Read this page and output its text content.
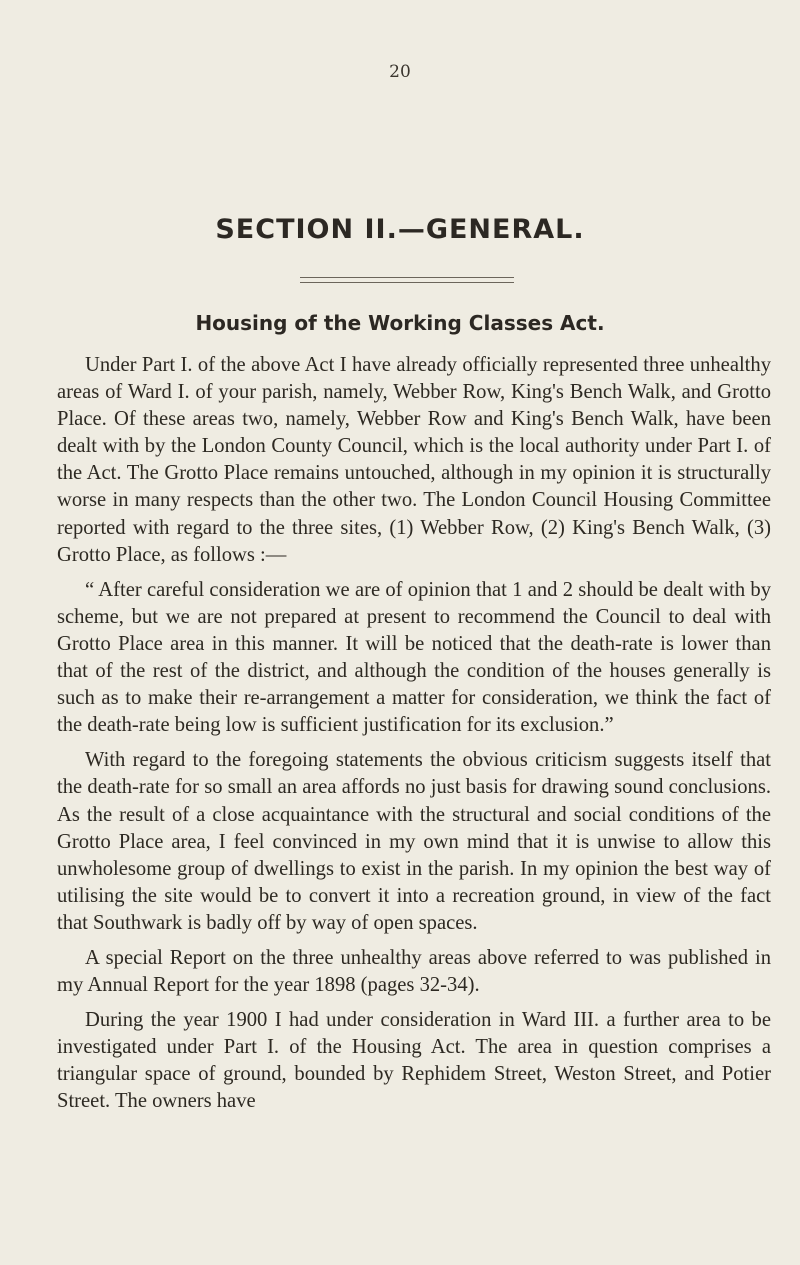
20
SECTION II.—GENERAL.
Housing of the Working Classes Act.

Under Part I. of the above Act I have already officially represented three unhealthy areas of Ward I. of your parish, namely, Webber Row, King's Bench Walk, and Grotto Place. Of these areas two, namely, Webber Row and King's Bench Walk, have been dealt with by the London County Council, which is the local authority under Part I. of the Act. The Grotto Place remains untouched, although in my opinion it is structurally worse in many respects than the other two. The London Council Housing Committee reported with regard to the three sites, (1) Webber Row, (2) King's Bench Walk, (3) Grotto Place, as follows :—

“ After careful consideration we are of opinion that 1 and 2 should be dealt with by scheme, but we are not prepared at present to recommend the Council to deal with Grotto Place area in this manner. It will be noticed that the death-rate is lower than that of the rest of the district, and although the condition of the houses generally is such as to make their re-arrangement a matter for consideration, we think the fact of the death-rate being low is sufficient justification for its exclusion.”

With regard to the foregoing statements the obvious criticism suggests itself that the death-rate for so small an area affords no just basis for drawing sound conclusions. As the result of a close acquaintance with the structural and social conditions of the Grotto Place area, I feel convinced in my own mind that it is unwise to allow this unwholesome group of dwellings to exist in the parish. In my opinion the best way of utilising the site would be to convert it into a recreation ground, in view of the fact that Southwark is badly off by way of open spaces.

A special Report on the three unhealthy areas above referred to was published in my Annual Report for the year 1898 (pages 32-34).

During the year 1900 I had under consideration in Ward III. a further area to be investigated under Part I. of the Housing Act. The area in question comprises a triangular space of ground, bounded by Rephidem Street, Weston Street, and Potier Street. The owners have
